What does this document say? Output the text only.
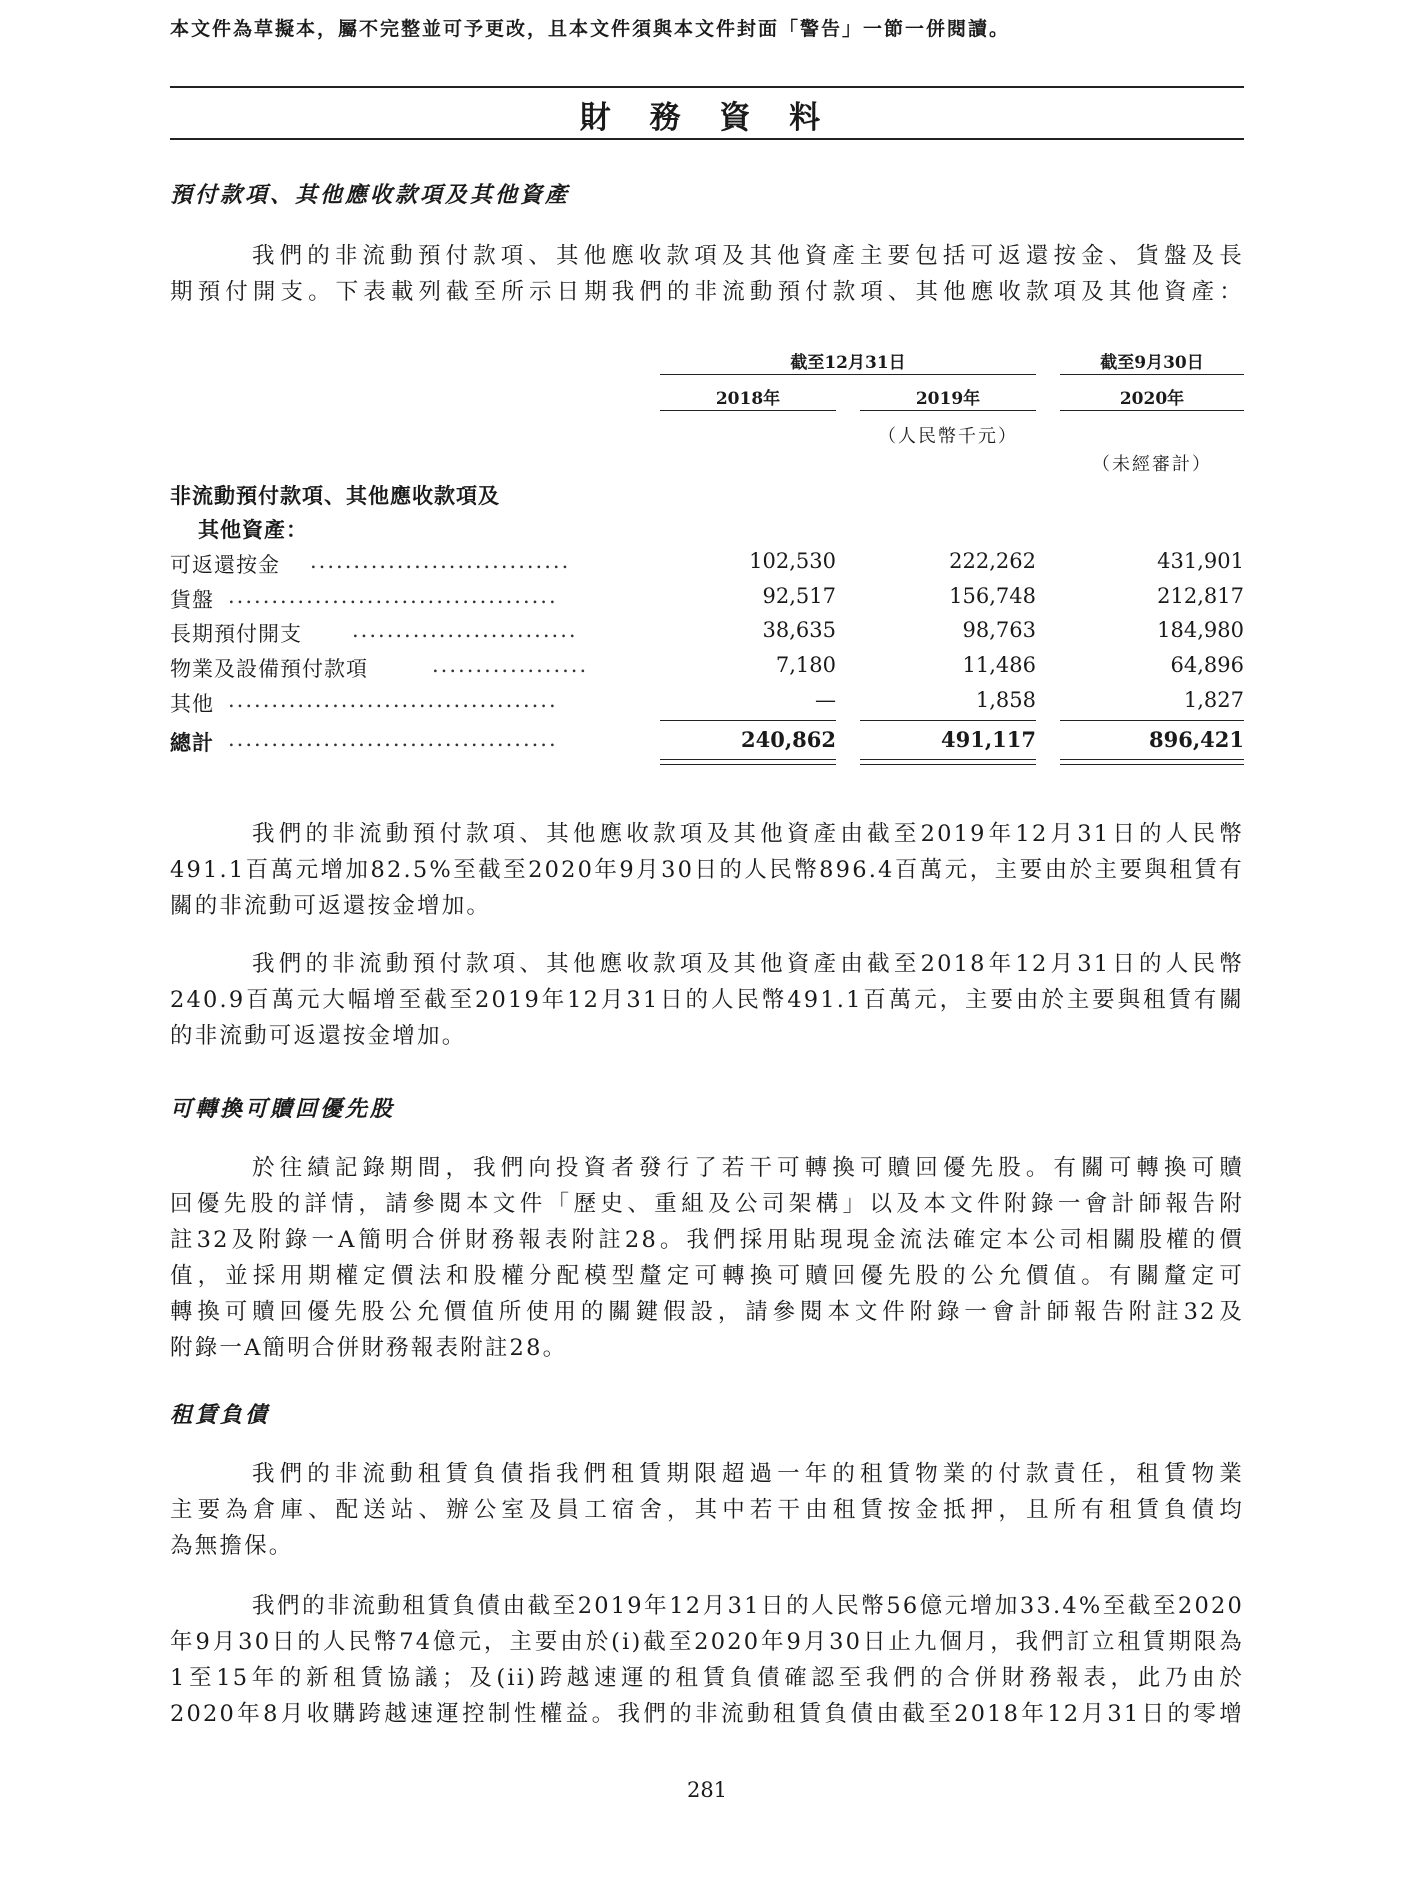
本文件為草擬本，屬不完整並可予更改，且本文件須與本文件封面「警告」一節一併閱讀。
財 務 資 料
預付款項、其他應收款項及其他資產
我們的非流動預付款項、其他應收款項及其他資產主要包括可返還按金、貨盤及長
期預付開支。下表載列截至所示日期我們的非流動預付款項、其他應收款項及其他資產：
截至12月31日	截至9月30日
2018年	2019年	2020年
（人民幣千元）
（未經審計）
非流動預付款項、其他應收款項及
其他資產：
可返還按金 ..............................	102,530	222,262	431,901
貨盤 ......................................	92,517	156,748	212,817
長期預付開支 ..........................	38,635	98,763	184,980
物業及設備預付款項	..................	7,180	11,486	64,896
其他 ......................................	—	1,858	1,827
總計 ......................................	240,862	491,117	896,421
我們的非流動預付款項、其他應收款項及其他資產由截至2019年12月31日的人民幣
491.1百萬元增加82.5%至截至2020年9月30日的人民幣896.4百萬元，主要由於主要與租賃有
關的非流動可返還按金增加。
我們的非流動預付款項、其他應收款項及其他資產由截至2018年12月31日的人民幣
240.9百萬元大幅增至截至2019年12月31日的人民幣491.1百萬元，主要由於主要與租賃有關
的非流動可返還按金增加。
可轉換可贖回優先股
於往績記錄期間，我們向投資者發行了若干可轉換可贖回優先股。有關可轉換可贖
回優先股的詳情，請參閱本文件「歷史、重組及公司架構」以及本文件附錄一會計師報告附
註32及附錄一A簡明合併財務報表附註28。我們採用貼現現金流法確定本公司相關股權的價
值，並採用期權定價法和股權分配模型釐定可轉換可贖回優先股的公允價值。有關釐定可
轉換可贖回優先股公允價值所使用的關鍵假設，請參閱本文件附錄一會計師報告附註32及
附錄一A簡明合併財務報表附註28。
租賃負債
我們的非流動租賃負債指我們租賃期限超過一年的租賃物業的付款責任，租賃物業
主要為倉庫、配送站、辦公室及員工宿舍，其中若干由租賃按金抵押，且所有租賃負債均
為無擔保。
我們的非流動租賃負債由截至2019年12月31日的人民幣56億元增加33.4%至截至2020
年9月30日的人民幣74億元，主要由於(i)截至2020年9月30日止九個月，我們訂立租賃期限為
1至15年的新租賃協議；及(ii)跨越速運的租賃負債確認至我們的合併財務報表，此乃由於
2020年8月收購跨越速運控制性權益。我們的非流動租賃負債由截至2018年12月31日的零增
281
